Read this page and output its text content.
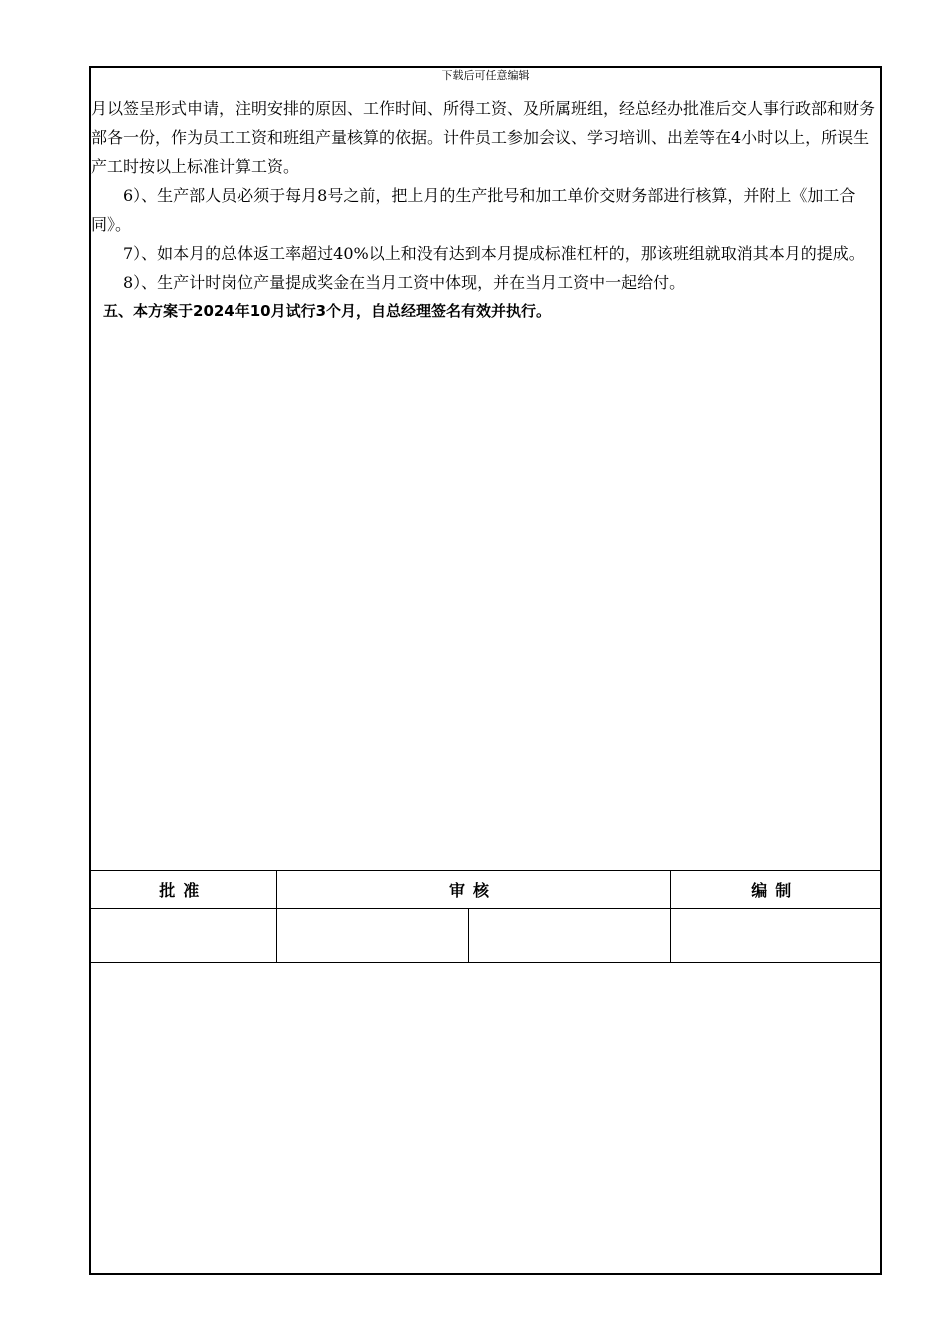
下载后可任意编辑

月以签呈形式申请，注明安排的原因、工作时间、所得工资、及所属班组，经总经办批准后交人事行政部和财务部各一份，作为员工工资和班组产量核算的依据。计件员工参加会议、学习培训、出差等在4小时以上，所误生产工时按以上标准计算工资。

6）、生产部人员必须于每月8号之前，把上月的生产批号和加工单价交财务部进行核算，并附上《加工合同》。

7）、如本月的总体返工率超过40%以上和没有达到本月提成标准杠杆的，那该班组就取消其本月的提成。

8）、生产计时岗位产量提成奖金在当月工资中体现，并在当月工资中一起给付。

五、本方案于2024年10月试行3个月，自总经理签名有效并执行。

批准	审核		编制
